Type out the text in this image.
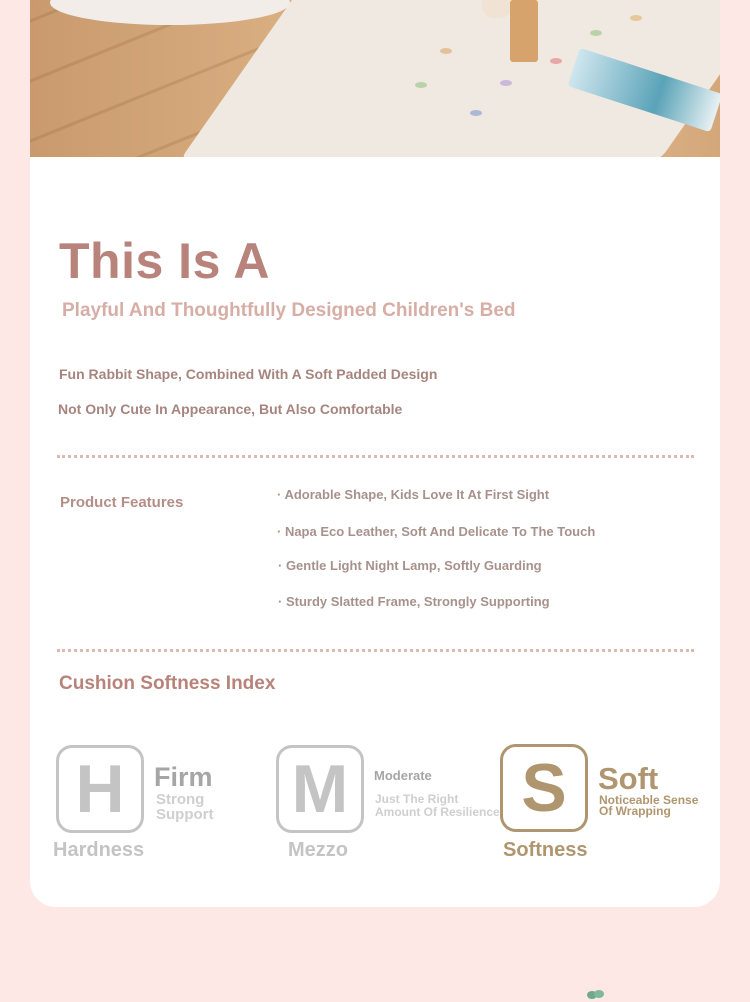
This Is A

Playful And Thoughtfully Designed Children's Bed

Fun Rabbit Shape, Combined With A Soft Padded Design

Not Only Cute In Appearance, But Also Comfortable

Product Features	· Adorable Shape, Kids Love It At First Sight

· Napa Eco Leather, Soft And Delicate To The Touch

· Gentle Light Night Lamp, Softly Guarding

· Sturdy Slatted Frame, Strongly Supporting

Cushion Softness Index

H Firm

Strong Support

Hardness

M Moderate

Just The Right Amount Of Resilience

Mezzo

S Soft

Noticeable Sense Of Wrapping

Softness
